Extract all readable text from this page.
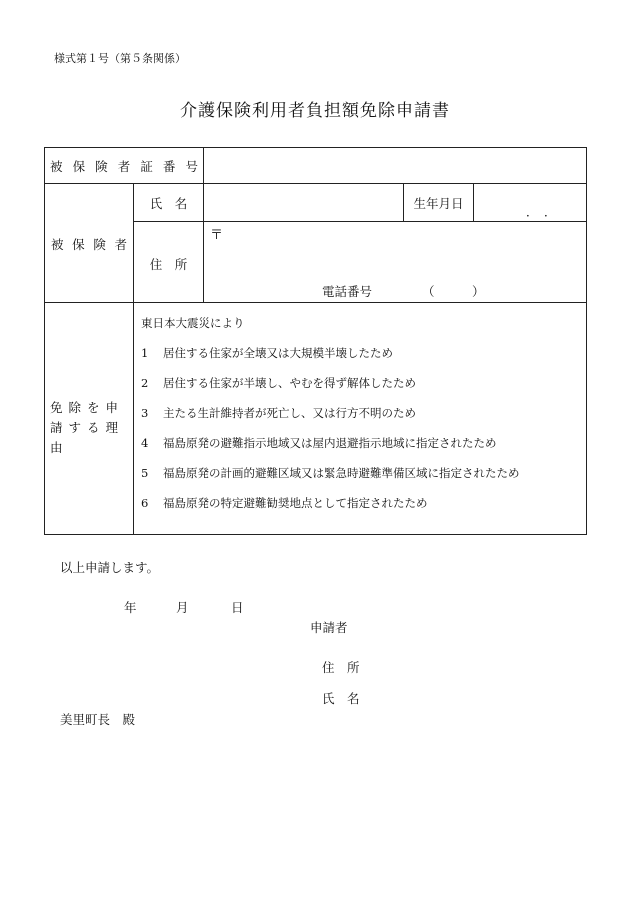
様式第１号（第５条関係）
介護保険利用者負担額免除申請書
被 保 険 者 証 番 号
被 保 険 者
氏　名	生年月日
．　．
住　所
〒
電話番号	（　　　）
免除を申請する理由
東日本大震災により
1 居住する住家が全壊又は大規模半壊したため
2 居住する住家が半壊し、やむを得ず解体したため
3 主たる生計維持者が死亡し、又は行方不明のため
4 福島原発の避難指示地域又は屋内退避指示地域に指定されたため
5 福島原発の計画的避難区域又は緊急時避難準備区域に指定されたため
6 福島原発の特定避難勧奨地点として指定されたため
以上申請します。
年	月	日
申請者
住　所
氏　名
美里町長　殿
